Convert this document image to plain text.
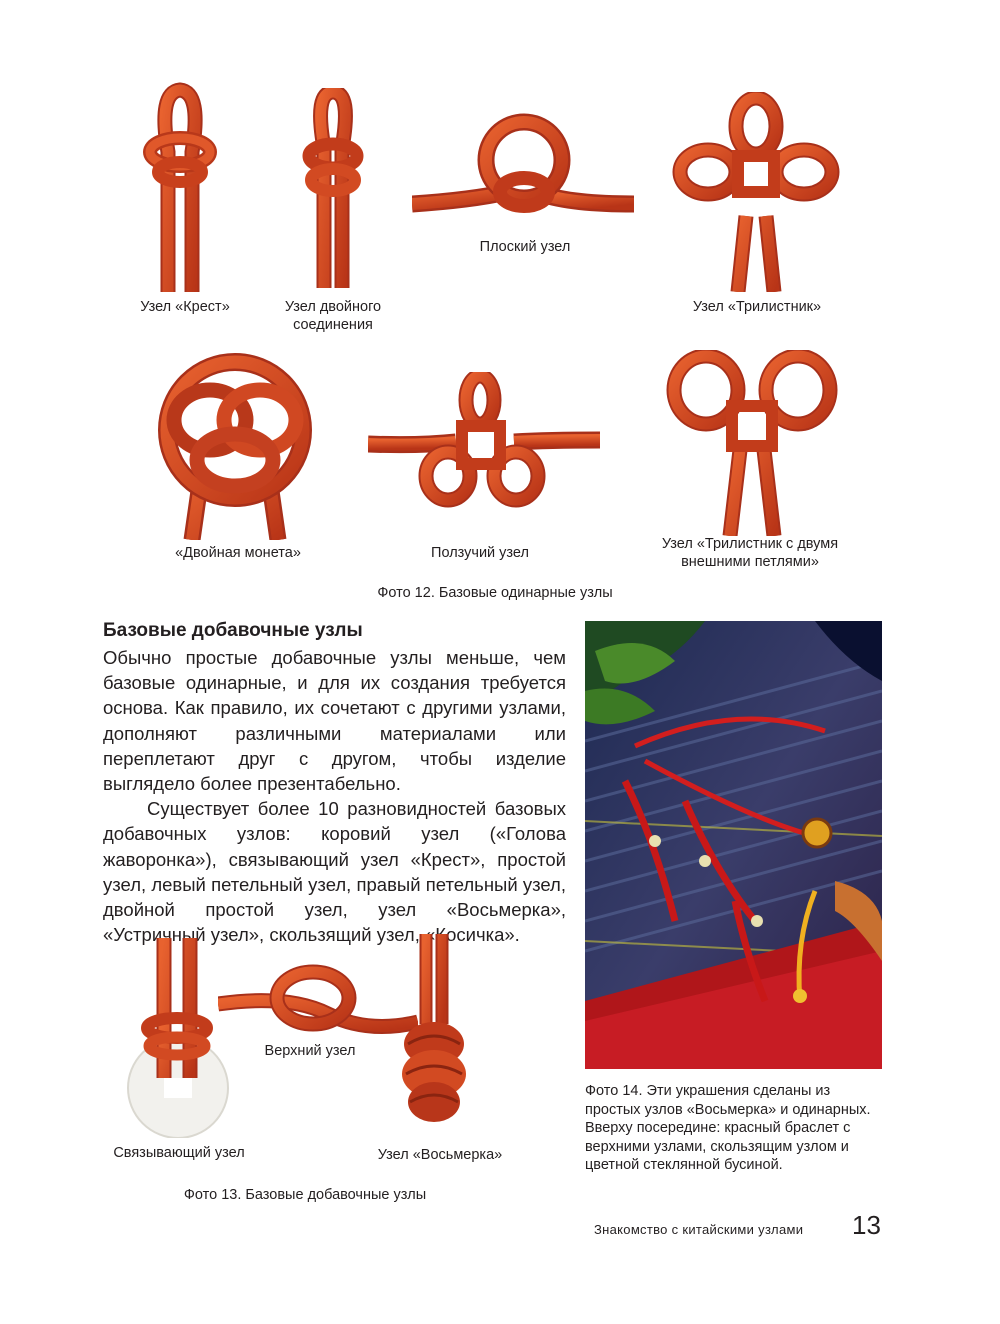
Узел «Крест»	Узел двойного соединения
Плоский узел
Узел «Трилистник»
«Двойная монета»	Ползучий узел
Узел «Трилистник с двумя внешними петлями»
Фото 12. Базовые одинарные узлы
Базовые добавочные узлы

Обычно простые добавочные узлы меньше, чем базовые одинарные, и для их создания требуется основа. Как правило, их сочетают с другими узлами, дополняют различными материалами или переплетают друг с другом, чтобы изделие выглядело более презентабельно.

Существует более 10 разновидностей базовых добавочных узлов: коровий узел («Голова жаворонка»), связывающий узел «Крест», простой узел, левый петельный узел, правый петельный узел, двойной простой узел, узел «Восьмерка», «Устричный узел», скользящий узел, «Косичка».

Фото 14. Эти украшения сделаны из простых узлов «Восьмерка» и одинарных. Вверху посередине: красный браслет с верхними узлами, скользящим узлом и цветной стеклянной бусиной.
Связывающий узел
Верхний узел
Узел «Восьмерка»
Фото 13. Базовые добавочные узлы
Знакомство с китайскими узлами 13
